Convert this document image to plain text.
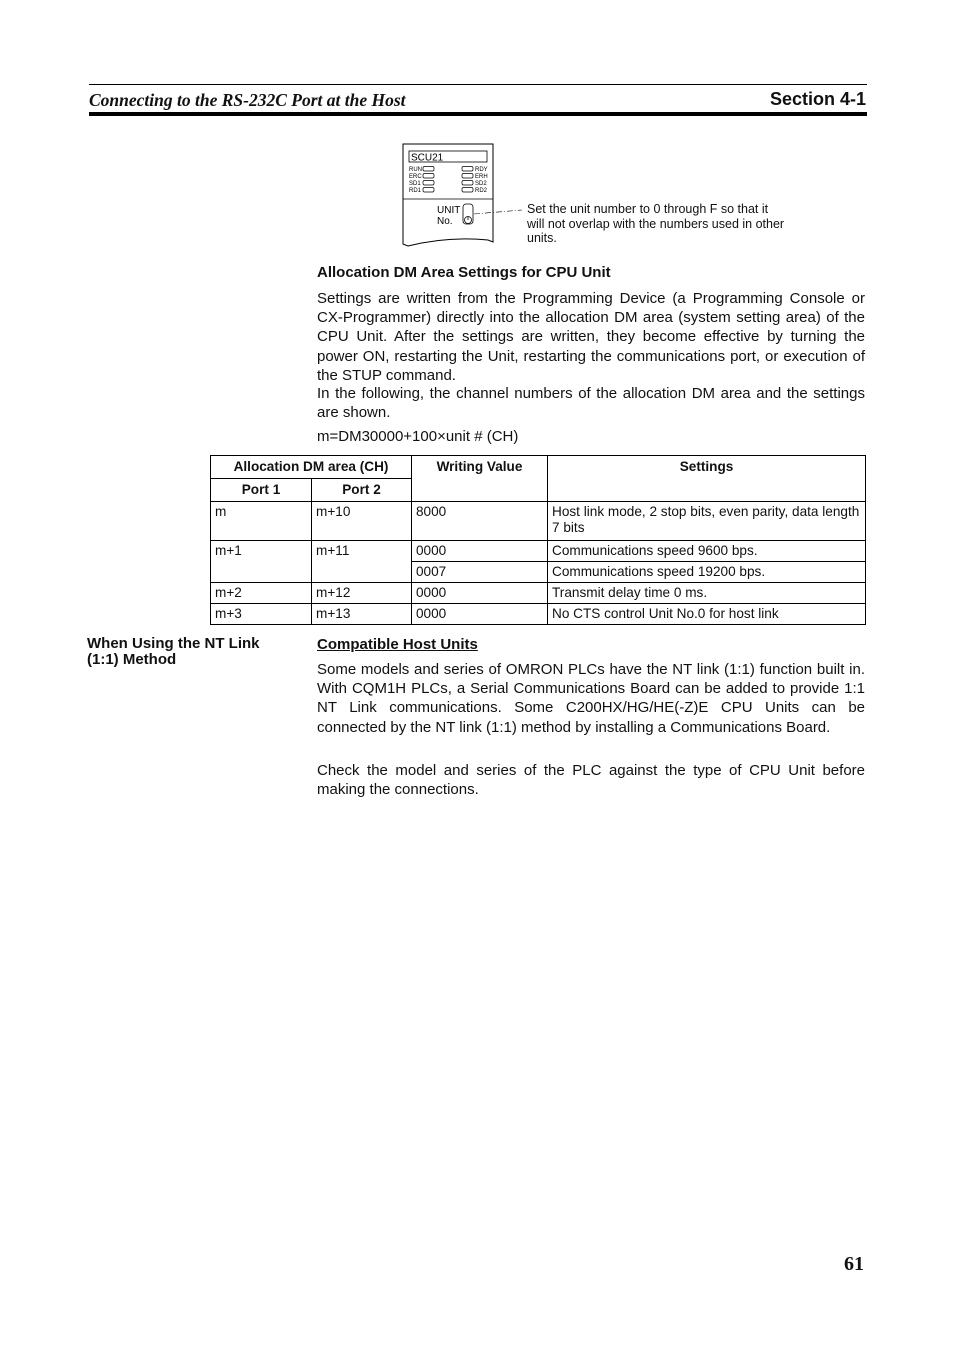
Connecting to the RS-232C Port at the Host	Section 4-1
SCU21
RUN
ERC
SD1
RD1
RDY
ERH
SD2
RD2
UNIT
No.
Set the unit number to 0 through F so that it will not overlap with the numbers used in other units.
Allocation DM Area Settings for CPU Unit

Settings are written from the Programming Device (a Programming Console or CX-Programmer) directly into the allocation DM area (system setting area) of the CPU Unit. After the settings are written, they become effective by turning the power ON, restarting the Unit, restarting the communications port, or execution of the STUP command.

In the following, the channel numbers of the allocation DM area and the settings are shown.

m=DM30000+100×unit # (CH)
Allocation DM area (CH)		Writing Value	Settings
Port 1	Port 2		
m	m+10	8000	Host link mode, 2 stop bits, even parity, data length 7 bits
m+1	m+11	0000	Communications speed 9600 bps.
		0007	Communications speed 19200 bps.
m+2	m+12	0000	Transmit delay time 0 ms.
m+3	m+13	0000	No CTS control Unit No.0 for host link
When Using the NT Link (1:1) Method
Compatible Host Units

Some models and series of OMRON PLCs have the NT link (1:1) function built in. With CQM1H PLCs, a Serial Communications Board can be added to provide 1:1 NT Link communications. Some C200HX/HG/HE(-Z)E CPU Units can be connected by the NT link (1:1) method by installing a Communications Board.

Check the model and series of the PLC against the type of CPU Unit before making the connections.

61
